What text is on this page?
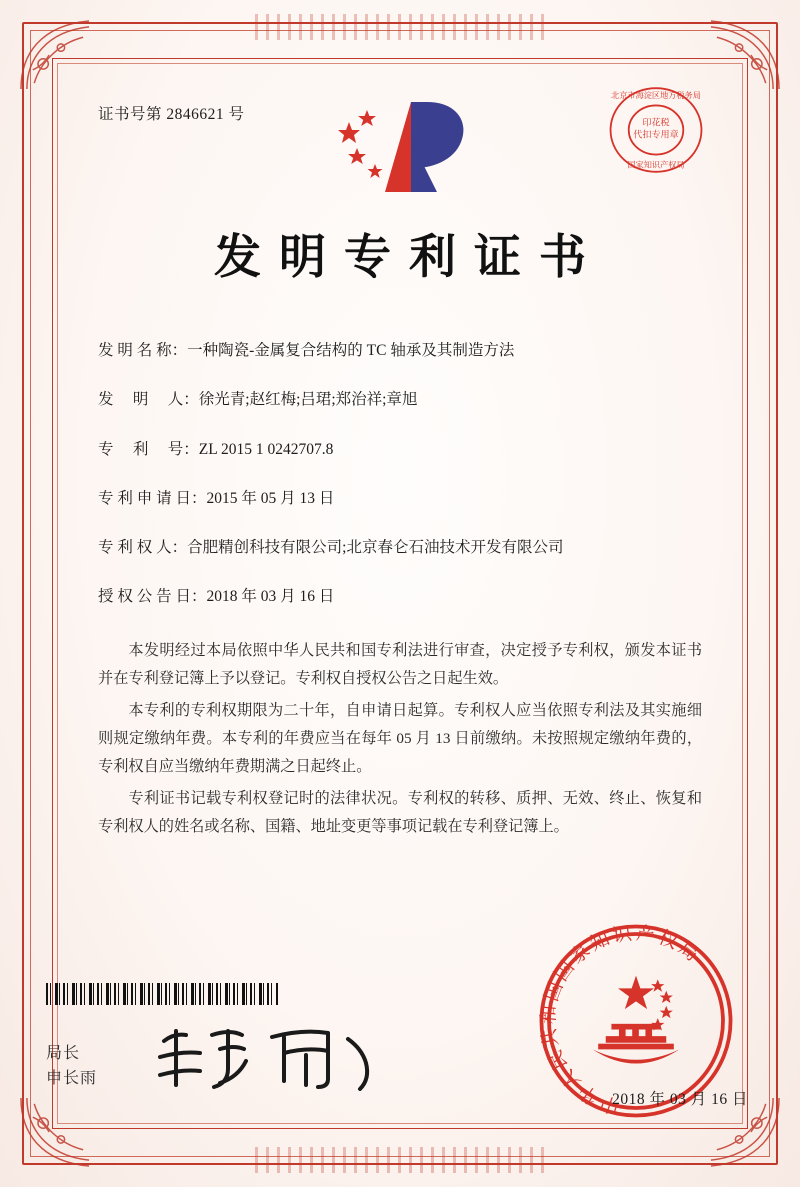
证书号第 2846621 号
北京市海淀区地方税务局
印花税
代扣专用章
国家知识产权局
发明专利证书
发 明 名 称： 一种陶瓷-金属复合结构的 TC 轴承及其制造方法
发　 明　 人： 徐光青;赵红梅;吕珺;郑治祥;章旭
专　 利　 号： ZL 2015 1 0242707.8
专 利 申 请 日： 2015 年 05 月 13 日
专 利 权 人： 合肥精创科技有限公司;北京春仑石油技术开发有限公司
授 权 公 告 日： 2018 年 03 月 16 日

本发明经过本局依照中华人民共和国专利法进行审查，决定授予专利权，颁发本证书并在专利登记簿上予以登记。专利权自授权公告之日起生效。

本专利的专利权期限为二十年，自申请日起算。专利权人应当依照专利法及其实施细则规定缴纳年费。本专利的年费应当在每年 05 月 13 日前缴纳。未按照规定缴纳年费的，专利权自应当缴纳年费期满之日起终止。

专利证书记载专利权登记时的法律状况。专利权的转移、质押、无效、终止、恢复和专利权人的姓名或名称、国籍、地址变更等事项记载在专利登记簿上。

局长
申长雨
中华人民共和国国家知识产权局
2018 年 03 月 16 日
